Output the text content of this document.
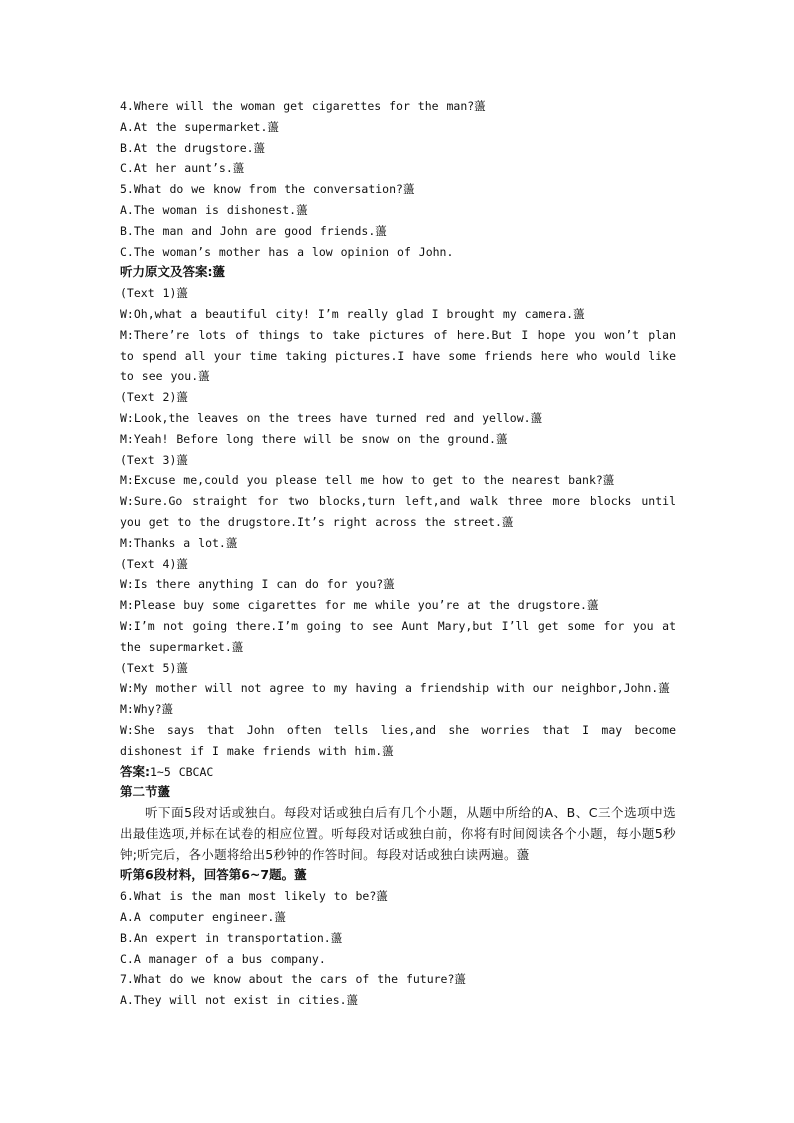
4.Where will the woman get cigarettes for the man?蘯
A.At the supermarket.蘯
B.At the drugstore.蘯
C.At her aunt’s.蘯
5.What do we know from the conversation?蘯
A.The woman is dishonest.蘯
B.The man and John are good friends.蘯
C.The woman’s mother has a low opinion of John.
听力原文及答案:蘯
(Text 1)蘯
W:Oh,what a beautiful city! I’m really glad I brought my camera.蘯
M:There’re lots of things to take pictures of here.But I hope you won’t plan to spend all your time taking pictures.I have some friends here who would like to see you.蘯
(Text 2)蘯
W:Look,the leaves on the trees have turned red and yellow.蘯
M:Yeah! Before long there will be snow on the ground.蘯
(Text 3)蘯
M:Excuse me,could you please tell me how to get to the nearest bank?蘯
W:Sure.Go straight for two blocks,turn left,and walk three more blocks until you get to the drugstore.It’s right across the street.蘯
M:Thanks a lot.蘯
(Text 4)蘯
W:Is there anything I can do for you?蘯
M:Please buy some cigarettes for me while you’re at the drugstore.蘯
W:I’m not going there.I’m going to see Aunt Mary,but I’ll get some for you at the supermarket.蘯
(Text 5)蘯
W:My mother will not agree to my having a friendship with our neighbor,John.蘯
M:Why?蘯
W:She says that John often tells lies,and she worries that I may become dishonest if I make friends with him.蘯
答案:1~5 CBCAC
第二节蘯
听下面5段对话或独白。每段对话或独白后有几个小题，从题中所给的A、B、C三个选项中选出最佳选项,并标在试卷的相应位置。听每段对话或独白前，你将有时间阅读各个小题，每小题5秒钟;听完后，各小题将给出5秒钟的作答时间。每段对话或独白读两遍。蘯
听第6段材料，回答第6~7题。蘯
6.What is the man most likely to be?蘯
A.A computer engineer.蘯
B.An expert in transportation.蘯
C.A manager of a bus company.
7.What do we know about the cars of the future?蘯
A.They will not exist in cities.蘯
